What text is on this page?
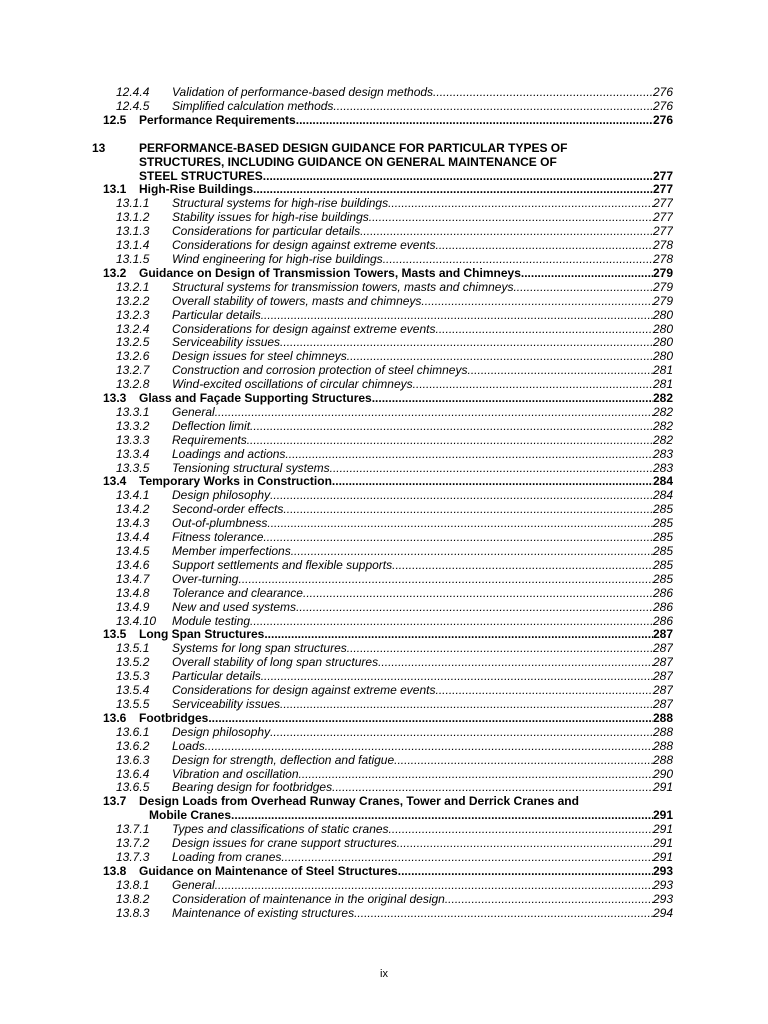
12.4.4 Validation of performance-based design methods .....	276
12.4.5 Simplified calculation methods .....	276
12.5 Performance Requirements .....	276
13	PERFORMANCE-BASED DESIGN GUIDANCE FOR PARTICULAR TYPES OF
STRUCTURES, INCLUDING GUIDANCE ON GENERAL MAINTENANCE OF
STEEL STRUCTURES .....	277
13.1 High-Rise Buildings .....	277
13.1.1 Structural systems for high-rise buildings .....	277
13.1.2 Stability issues for high-rise buildings .....	277
13.1.3 Considerations for particular details .....	277
13.1.4 Considerations for design against extreme events .....	278
13.1.5 Wind engineering for high-rise buildings .....	278
13.2 Guidance on Design of Transmission Towers, Masts and Chimneys .....	279
13.2.1 Structural systems for transmission towers, masts and chimneys .....	279
13.2.2 Overall stability of towers, masts and chimneys .....	279
13.2.3 Particular details .....	280
13.2.4 Considerations for design against extreme events .....	280
13.2.5 Serviceability issues .....	280
13.2.6 Design issues for steel chimneys .....	280
13.2.7 Construction and corrosion protection of steel chimneys .....	281
13.2.8 Wind-excited oscillations of circular chimneys .....	281
13.3 Glass and Façade Supporting Structures .....	282
13.3.1 General .....	282
13.3.2 Deflection limit .....	282
13.3.3 Requirements .....	282
13.3.4 Loadings and actions .....	283
13.3.5 Tensioning structural systems .....	283
13.4 Temporary Works in Construction .....	284
13.4.1 Design philosophy .....	284
13.4.2 Second-order effects .....	285
13.4.3 Out-of-plumbness .....	285
13.4.4 Fitness tolerance .....	285
13.4.5 Member imperfections .....	285
13.4.6 Support settlements and flexible supports .....	285
13.4.7 Over-turning .....	285
13.4.8 Tolerance and clearance .....	286
13.4.9 New and used systems .....	286
13.4.10 Module testing .....	286
13.5 Long Span Structures .....	287
13.5.1 Systems for long span structures .....	287
13.5.2 Overall stability of long span structures .....	287
13.5.3 Particular details .....	287
13.5.4 Considerations for design against extreme events .....	287
13.5.5 Serviceability issues .....	287
13.6 Footbridges .....	288
13.6.1 Design philosophy .....	288
13.6.2 Loads .....	288
13.6.3 Design for strength, deflection and fatigue .....	288
13.6.4 Vibration and oscillation .....	290
13.6.5 Bearing design for footbridges .....	291
13.7 Design Loads from Overhead Runway Cranes, Tower and Derrick Cranes and
Mobile Cranes .....	291
13.7.1 Types and classifications of static cranes .....	291
13.7.2 Design issues for crane support structures .....	291
13.7.3 Loading from cranes .....	291
13.8 Guidance on Maintenance of Steel Structures .....	293
13.8.1 General .....	293
13.8.2 Consideration of maintenance in the original design .....	293
13.8.3 Maintenance of existing structures .....	294
ix
